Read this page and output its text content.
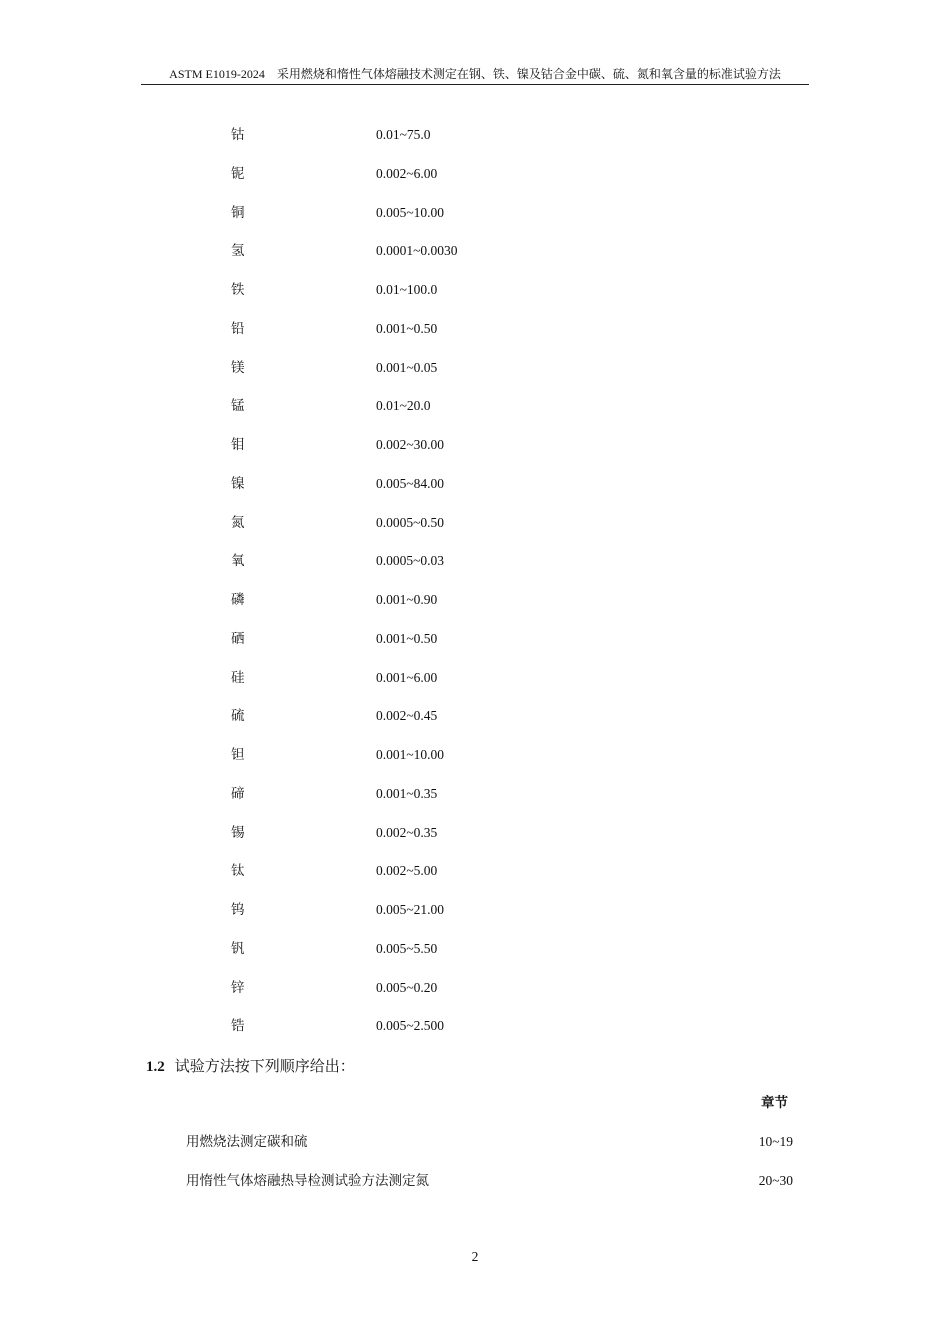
ASTM E1019-2024　采用燃烧和惰性气体熔融技术测定在钢、铁、镍及钴合金中碳、硫、氮和氧含量的标准试验方法
钴	0.01~75.0
铌	0.002~6.00
铜	0.005~10.00
氢	0.0001~0.0030
铁	0.01~100.0
铅	0.001~0.50
镁	0.001~0.05
锰	0.01~20.0
钼	0.002~30.00
镍	0.005~84.00
氮	0.0005~0.50
氧	0.0005~0.03
磷	0.001~0.90
硒	0.001~0.50
硅	0.001~6.00
硫	0.002~0.45
钽	0.001~10.00
碲	0.001~0.35
锡	0.002~0.35
钛	0.002~5.00
钨	0.005~21.00
钒	0.005~5.50
锌	0.005~0.20
锆	0.005~2.500
1.2 试验方法按下列顺序给出：
章节
用燃烧法测定碳和硫	10~19
用惰性气体熔融热导检测试验方法测定氮	20~30
2
